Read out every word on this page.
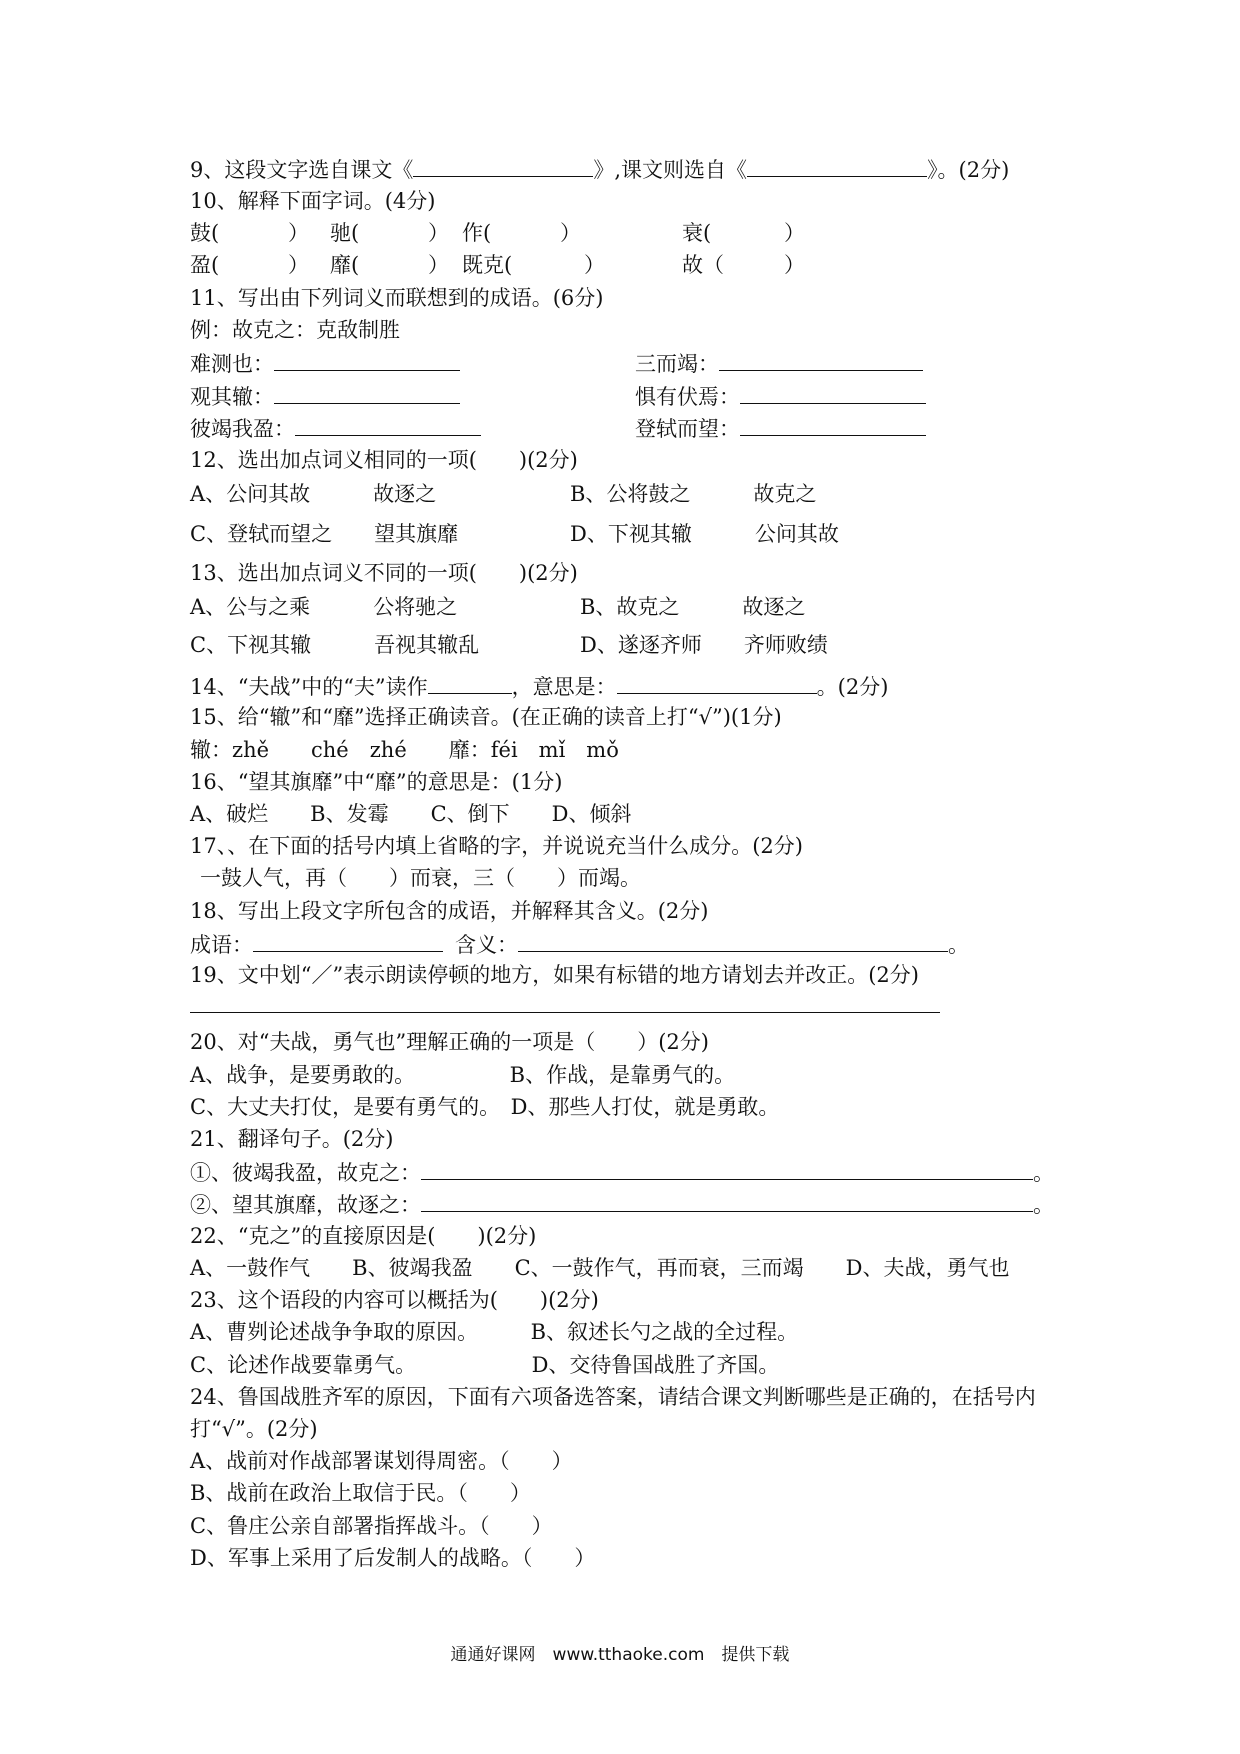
9、这段文字选自课文《	》,课文则选自《	》。(2分)
10、解释下面字词。(4分)
鼓(	） 驰(	） 作(	）	衰(	）
盈(	） 靡(	） 既克(	）	故（	）
11、写出由下列词义而联想到的成语。(6分)
例：故克之：克敌制胜
难测也：	三而竭：
观其辙：	惧有伏焉：
彼竭我盈：	登轼而望：
12、选出加点词义相同的一项(　　)(2分)
A、公问其故　　　故逐之	B、公将鼓之　　　故克之
C、登轼而望之　　望其旗靡	D、下视其辙　　　公问其故
13、选出加点词义不同的一项(　　)(2分)
A、公与之乘　　　公将驰之	B、故克之　　　故逐之
C、下视其辙　　　吾视其辙乱	D、遂逐齐师　　齐师败绩
14、“夫战”中的“夫”读作	，意思是：	。(2分)
15、给“辙”和“靡”选择正确读音。(在正确的读音上打“√”)(1分)
辙：zhě　　ché　zhé　　靡：féi　mǐ　mǒ
16、“望其旗靡”中“靡”的意思是：(1分)
A、破烂　　B、发霉　　C、倒下　　D、倾斜
17、、在下面的括号内填上省略的字，并说说充当什么成分。(2分)
一鼓人气，再（　　）而衰，三（　　）而竭。
18、写出上段文字所包含的成语，并解释其含义。(2分)
成语：	含义：	。
19、文中划“／”表示朗读停顿的地方，如果有标错的地方请划去并改正。(2分)
20、对“夫战，勇气也”理解正确的一项是（　　）(2分)
A、战争，是要勇敢的。　　　　　B、作战，是靠勇气的。
C、大丈夫打仗，是要有勇气的。　D、那些人打仗，就是勇敢。
21、翻译句子。(2分)
①、彼竭我盈，故克之：	。
②、望其旗靡，故逐之：	。
22、“克之”的直接原因是(　　)(2分)
A、一鼓作气　　B、彼竭我盈　　C、一鼓作气，再而衰，三而竭　　D、夫战，勇气也
23、这个语段的内容可以概括为(　　)(2分)
A、曹刿论述战争争取的原因。　　　B、叙述长勺之战的全过程。
C、论述作战要靠勇气。　　　　　　D、交待鲁国战胜了齐国。
24、鲁国战胜齐军的原因，下面有六项备选答案，请结合课文判断哪些是正确的，在括号内
打“√”。(2分)
A、战前对作战部署谋划得周密。（　　）
B、战前在政治上取信于民。（　　）
C、鲁庄公亲自部署指挥战斗。（　　）
D、军事上采用了后发制人的战略。（　　）
通通好课网　www.tthaoke.com　提供下载
